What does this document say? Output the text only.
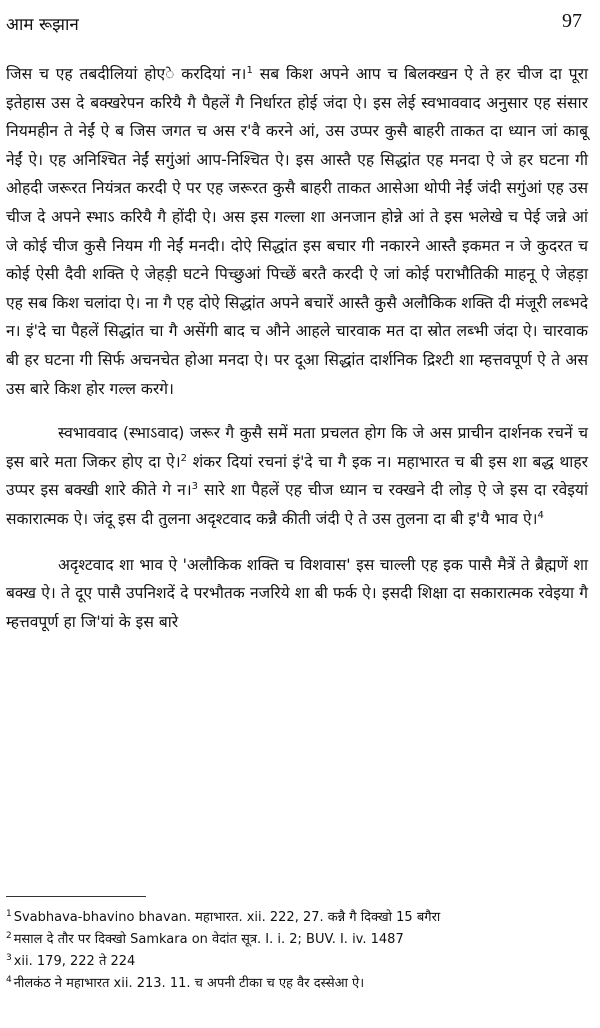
आम रूझान	97

जिस च एह तबदीलियां होएे करदियां न।$^1$ सब किश अपने आप च बिलक्खन ऐ ते हर चीज दा पूरा इतेहास उस दे बक्खरेपन करियै गै पैहलें गै निर्धारत होई जंदा ऐ। इस लेई स्वभाववाद अनुसार एह संसार नियमहीन ते नेईं ऐ ब जिस जगत च अस र'वै करने आं, उस उप्पर कुसै बाहरी ताकत दा ध्यान जां काबू नेईं ऐ। एह अनिश्चित नेईं सगुंआं आप-निश्चित ऐ। इस आस्तै एह सिद्धांत एह मनदा ऐ जे हर घटना गी ओहदी जरूरत नियंत्रत करदी ऐ पर एह जरूरत कुसै बाहरी ताकत आसेआ थोपी नेईं जंदी सगुंआं एह उस चीज दे अपने स्भाऽ करियै गै होंदी ऐ। अस इस गल्ला शा अनजान होन्ने आं ते इस भलेखे च पेई जन्ने आं जे कोई चीज कुसै नियम गी नेईं मनदी। दोऐ सिद्धांत इस बचार गी नकारने आस्तै इकमत न जे कुदरत च कोई ऐसी दैवी शक्ति ऐ जेहड़ी घटने पिच्छुआं पिच्छें बरतै करदी ऐ जां कोई पराभौतिकी माहनू ऐ जेहड़ा एह सब किश चलांदा ऐ। ना गै एह दोऐ सिद्धांत अपने बचारें आस्तै कुसै अलौकिक शक्ति दी मंजूरी लब्भदे न। इं'दे चा पैहलें सिद्धांत चा गै असेंगी बाद च औने आहले चारवाक मत दा स्रोत लब्भी जंदा ऐ। चारवाक बी हर घटना गी सिर्फ अचनचेत होआ मनदा ऐ। पर दूआ सिद्धांत दार्शनिक द्रिश्टी शा म्हत्तवपूर्ण ऐ ते अस उस बारे किश होर गल्ल करगे।

स्वभाववाद (स्भाऽवाद) जरूर गै कुसै समें मता प्रचलत होग कि जे अस प्राचीन दार्शनक रचनें च इस बारे मता जिकर होए दा ऐ।$^2$ शंकर दियां रचनां इं'दे चा गै इक न। महाभारत च बी इस शा बद्ध थाहर उप्पर इस बक्खी शारे कीते गे न।$^3$ सारे शा पैहलें एह चीज ध्यान च रक्खने दी लोड़ ऐ जे इस दा रवेइयां सकारात्मक ऐ। जंदू इस दी तुलना अदृश्टवाद कन्नै कीती जंदी ऐ ते उस तुलना दा बी इ'यै भाव ऐ।$^4$

अदृश्टवाद शा भाव ऐ 'अलौकिक शक्ति च विशवास' इस चाल्ली एह इक पासै मैत्रें ते ब्रैह्मणें शा बक्ख ऐ। ते दूए पासै उपनिशदें दे परभौतक नजरिये शा बी फर्क ऐ। इसदी शिक्षा दा सकारात्मक रवेइया गै म्हत्तवपूर्ण हा जि'यां के इस बारे

$^1$ Svabhava-bhavino bhavan. महाभारत. xii. 222, 27. कन्नै गै दिक्खो 15 बगैरा
$^2$ मसाल दे तौर पर दिक्खो Samkara on वेदांत सूत्र. I. i. 2; BUV. I. iv. 1487
$^3$ xii. 179, 222 ते 224
$^4$ नीलकंठ ने महाभारत xii. 213. 11. च अपनी टीका च एह वैर दस्सेआ ऐ।
